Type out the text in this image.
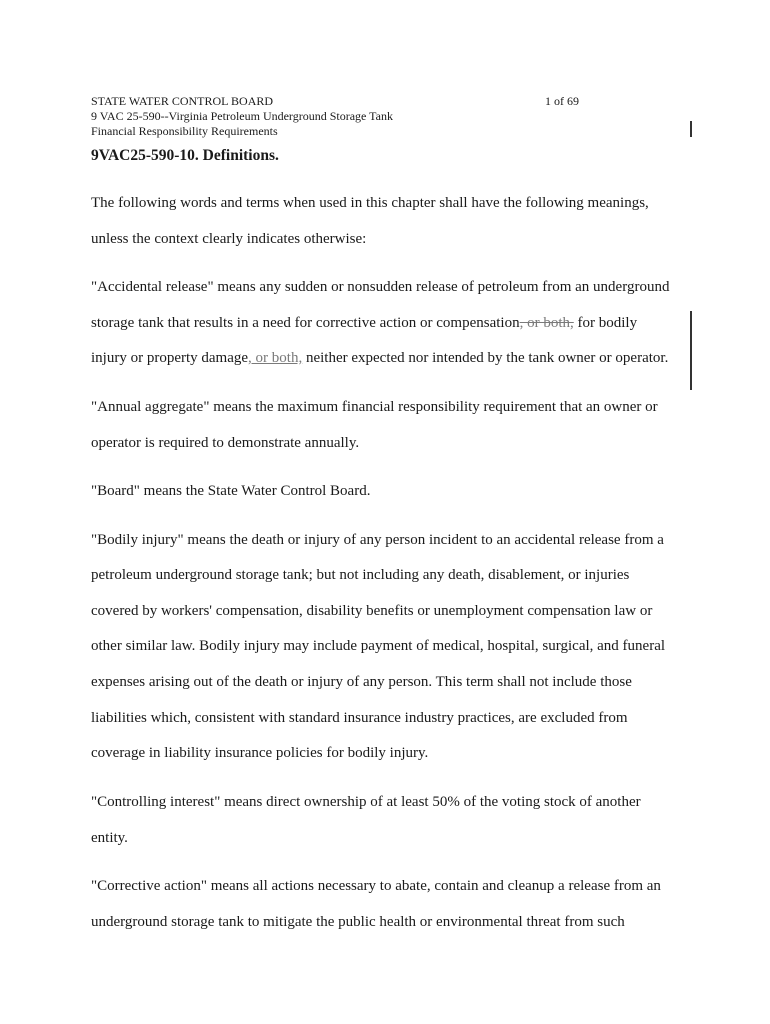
STATE WATER CONTROL BOARD	1 of 69
9 VAC 25-590--Virginia Petroleum Underground Storage Tank
Financial Responsibility Requirements
9VAC25-590-10. Definitions.
The following words and terms when used in this chapter shall have the following meanings,
unless the context clearly indicates otherwise:
"Accidental release" means any sudden or nonsudden release of petroleum from an underground
storage tank that results in a need for corrective action or compensation, or both, for bodily
injury or property damage, or both, neither expected nor intended by the tank owner or operator.
"Annual aggregate" means the maximum financial responsibility requirement that an owner or
operator is required to demonstrate annually.
"Board" means the State Water Control Board.
"Bodily injury" means the death or injury of any person incident to an accidental release from a
petroleum underground storage tank; but not including any death, disablement, or injuries
covered by workers' compensation, disability benefits or unemployment compensation law or
other similar law. Bodily injury may include payment of medical, hospital, surgical, and funeral
expenses arising out of the death or injury of any person. This term shall not include those
liabilities which, consistent with standard insurance industry practices, are excluded from
coverage in liability insurance policies for bodily injury.
"Controlling interest" means direct ownership of at least 50% of the voting stock of another
entity.
"Corrective action" means all actions necessary to abate, contain and cleanup a release from an
underground storage tank to mitigate the public health or environmental threat from such
